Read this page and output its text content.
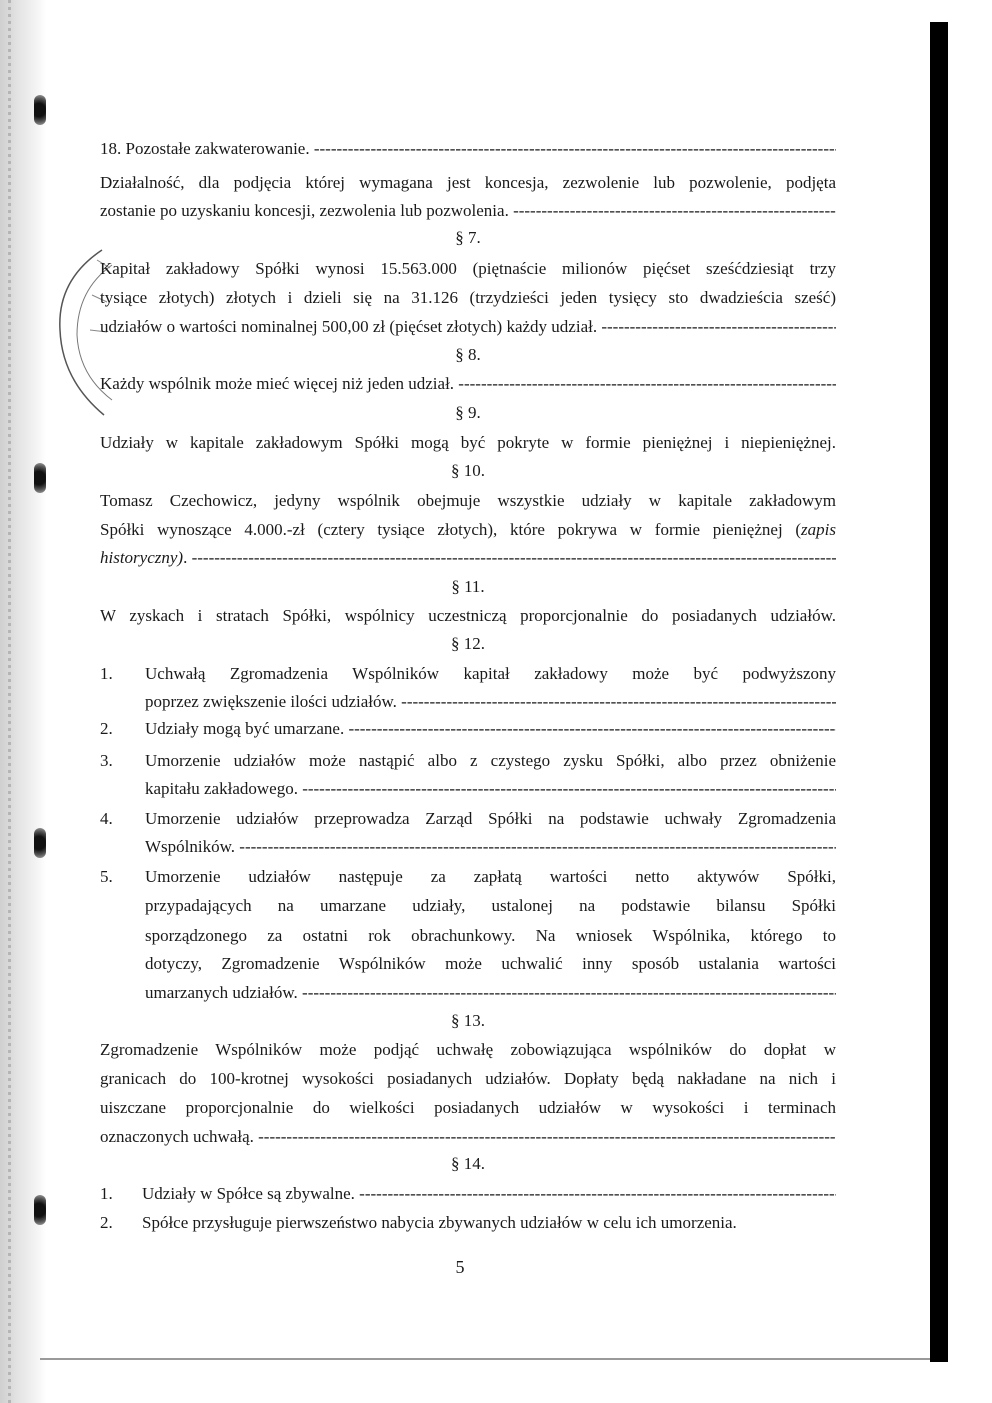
18. Pozostałe zakwaterowanie. -----
Działalność, dla podjęcia której wymagana jest koncesja, zezwolenie lub pozwolenie, podjęta
zostanie po uzyskaniu koncesji, zezwolenia lub pozwolenia. -----
§ 7.
Kapitał zakładowy Spółki wynosi 15.563.000 (piętnaście milionów pięćset sześćdziesiąt trzy
tysiące złotych) złotych i dzieli się na 31.126 (trzydzieści jeden tysięcy sto dwadzieścia sześć)
udziałów o wartości nominalnej 500,00 zł (pięćset złotych) każdy udział. -----
§ 8.
Każdy wspólnik może mieć więcej niż jeden udział. -----
§ 9.
Udziały w kapitale zakładowym Spółki mogą być pokryte w formie pieniężnej i niepieniężnej.
§ 10.
Tomasz Czechowicz, jedyny wspólnik obejmuje wszystkie udziały w kapitale zakładowym
Spółki wynoszące 4.000.-zł (cztery tysiące złotych), które pokrywa w formie pieniężnej (zapis
historyczny). -----
§ 11.
W zyskach i stratach Spółki, wspólnicy uczestniczą proporcjonalnie do posiadanych udziałów.
§ 12.
1. Uchwałą Zgromadzenia Wspólników kapitał zakładowy może być podwyższony
poprzez zwiększenie ilości udziałów. -----
2. Udziały mogą być umarzane. -----
3. Umorzenie udziałów może nastąpić albo z czystego zysku Spółki, albo przez obniżenie
kapitału zakładowego. -----
4. Umorzenie udziałów przeprowadza Zarząd Spółki na podstawie uchwały Zgromadzenia
Wspólników. -----
5. Umorzenie udziałów następuje za zapłatą wartości netto aktywów Spółki,
przypadających na umarzane udziały, ustalonej na podstawie bilansu Spółki
sporządzonego za ostatni rok obrachunkowy. Na wniosek Wspólnika, którego to
dotyczy, Zgromadzenie Wspólników może uchwalić inny sposób ustalania wartości
umarzanych udziałów. -----
§ 13.
Zgromadzenie Wspólników może podjąć uchwałę zobowiązująca wspólników do dopłat w
granicach do 100-krotnej wysokości posiadanych udziałów. Dopłaty będą nakładane na nich i
uiszczane proporcjonalnie do wielkości posiadanych udziałów w wysokości i terminach
oznaczonych uchwałą. -----
§ 14.
1. Udziały w Spółce są zbywalne. -----
2. Spółce przysługuje pierwszeństwo nabycia zbywanych udziałów w celu ich umorzenia.
5
